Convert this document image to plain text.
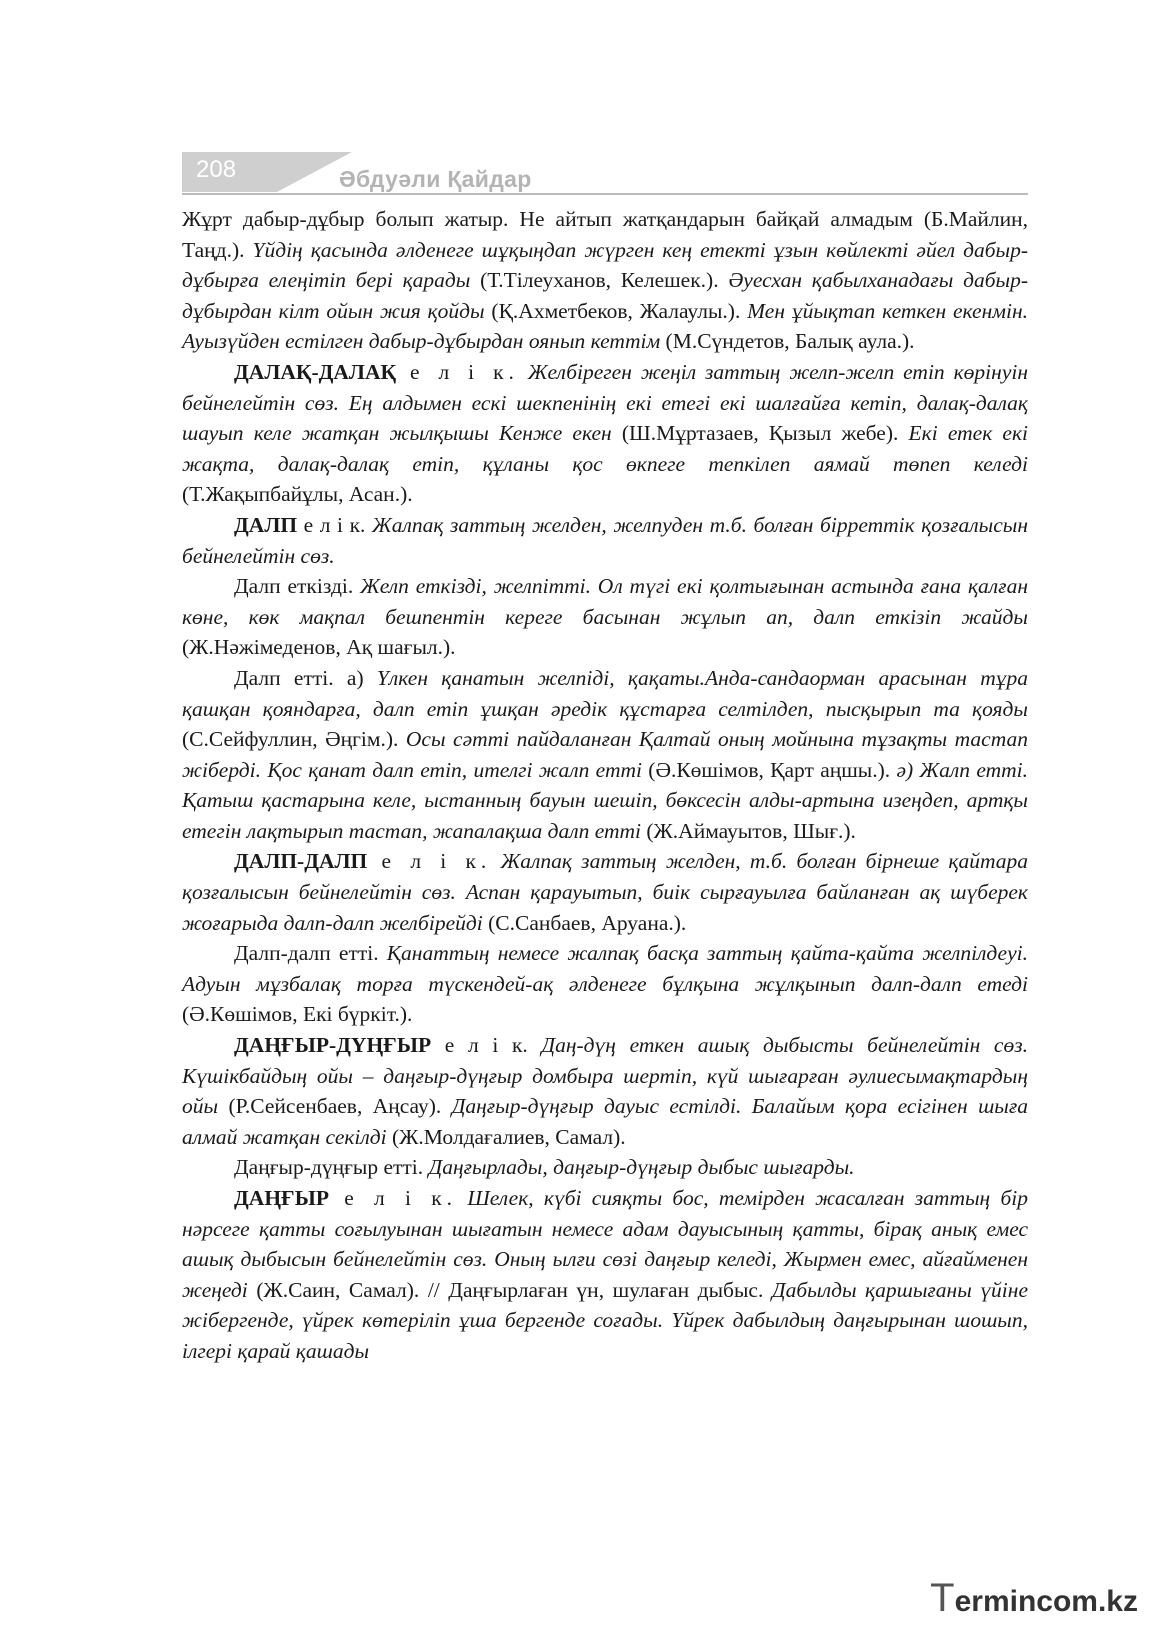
208	Әбдуәли Қайдар

Жұрт дабыр-дұбыр болып жатыр. Не айтып жатқандарын байқай алмадым (Б.Майлин, Таңд.). Үйдің қасында әлденеге шұқыңдап жүрген кең етекті ұзын көйлекті әйел дабыр-дұбырға елеңітіп бері қарады (Т.Тілеуханов, Келешек.). Әуесхан қабылханадағы дабыр-дұбырдан кілт ойын жия қойды (Қ.Ахметбеков, Жалаулы.). Мен ұйықтап кеткен екенмін. Ауызүйден естілген дабыр-дұбырдан оянып кеттім (М.Сүндетов, Балық аула.).

ДАЛАҚ-ДАЛАҚ е л і к. Желбіреген жеңіл заттың желп-желп етіп көрінуін бейнелейтін сөз. Ең алдымен ескі шекпенінің екі етегі екі шалғайға кетіп, далақ-далақ шауып келе жатқан жылқышы Кенже екен (Ш.Мұртазаев, Қызыл жебе). Екі етек екі жақта, далақ-далақ етіп, құланы қос өкпеге тепкілеп аямай төпеп келеді (Т.Жақыпбайұлы, Асан.).

ДАЛП е л і к. Жалпақ заттың желден, желпуден т.б. болған бірреттік қозғалысын бейнелейтін сөз.

Далп еткізді. Желп еткізді, желпітті. Ол түгі екі қолтығынан астында ғана қалған көне, көк мақпал бешпентін кереге басынан жұлып ап, далп еткізіп жайды (Ж.Нәжімеденов, Ақ шағыл.).

Далп етті. а) Үлкен қанатын желпіді, қақаты.Анда-сандаорман арасынан тұра қашқан қояндарға, далп етіп ұшқан әредік құстарға селтілдеп, пысқырып та қояды (С.Сейфуллин, Әңгім.). Осы сәтті пайдаланған Қалтай оның мойнына тұзақты тастап жіберді. Қос қанат далп етіп, ителгі жалп етті (Ә.Көшімов, Қарт аңшы.). ә) Жалп етті. Қатыш қастарына келе, ыстанның бауын шешіп, бөксесін алды-артына изеңдеп, артқы етегін лақтырып тастап, жапалақша далп етті (Ж.Аймауытов, Шығ.).

ДАЛП-ДАЛП е л і к. Жалпақ заттың желден, т.б. болған бірнеше қайтара қозғалысын бейнелейтін сөз. Аспан қарауытып, биік сырғауылға байланған ақ шүберек жоғарыда далп-далп желбірейді (С.Санбаев, Аруана.).

Далп-далп етті. Қанаттың немесе жалпақ басқа заттың қайта-қайта желпілдеуі. Адуын мұзбалақ торға түскендей-ақ әлденеге бұлқына жұлқынып далп-далп етеді (Ә.Көшімов, Екі бүркіт.).

ДАҢҒЫР-ДҮҢҒЫР е л і к. Даң-дүң еткен ашық дыбысты бейнелейтін сөз. Күшікбайдың ойы – даңғыр-дүңғыр домбыра шертіп, күй шығарған әулиесымақтардың ойы (Р.Сейсенбаев, Аңсау). Даңғыр-дүңғыр дауыс естілді. Балайым қора есігінен шыға алмай жатқан секілді (Ж.Молдағалиев, Самал).

Даңғыр-дүңғыр етті. Даңғырлады, даңғыр-дүңғыр дыбыс шығарды.

ДАҢҒЫР е л і к. Шелек, күбі сияқты бос, темірден жасалған заттың бір нәрсеге қатты соғылуынан шығатын немесе адам дауысының қатты, бірақ анық емес ашық дыбысын бейнелейтін сөз. Оның ылғи сөзі даңғыр келеді, Жырмен емес, айғайменен жеңеді (Ж.Саин, Самал). // Даңғырлаған үн, шулаған дыбыс. Дабылды қаршығаны үйіне жібергенде, үйрек көтеріліп ұша бергенде соғады. Үйрек дабылдың даңғырынан шошып, ілгері қарай қашады

Termincom.kz
